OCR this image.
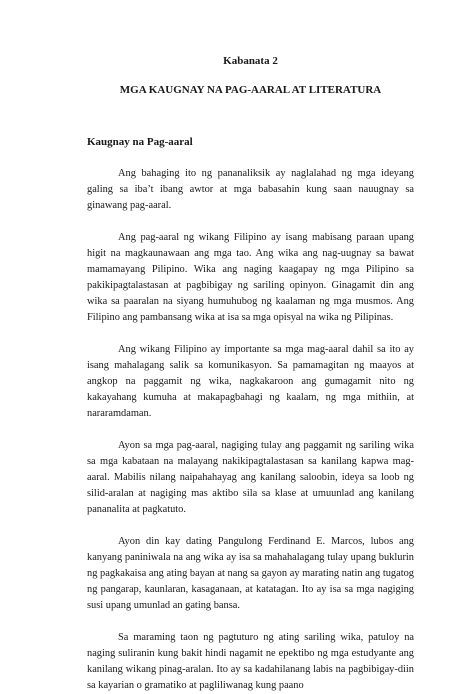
Kabanata 2
MGA KAUGNAY NA PAG-AARAL AT LITERATURA
Kaugnay na Pag-aaral

Ang bahaging ito ng pananaliksik ay naglalahad ng mga ideyang galing sa iba’t ibang awtor at mga babasahin kung saan nauugnay sa ginawang pag-aaral.

Ang pag-aaral ng wikang Filipino ay isang mabisang paraan upang higit na magkaunawaan ang mga tao. Ang wika ang nag-uugnay sa bawat mamamayang Pilipino. Wika ang naging kaagapay ng mga Pilipino sa pakikipagtalastasan at pagbibigay ng sariling opinyon. Ginagamit din ang wika sa paaralan na siyang humuhubog ng kaalaman ng mga musmos. Ang Filipino ang pambansang wika at isa sa mga opisyal na wika ng Pilipinas.

Ang wikang Filipino ay importante sa mga mag-aaral dahil sa ito ay isang mahalagang salik sa komunikasyon. Sa pamamagitan ng maayos at angkop na paggamit ng wika, nagkakaroon ang gumagamit nito ng kakayahang kumuha at makapagbahagi ng kaalam, ng mga mithiin, at nararamdaman.

Ayon sa mga pag-aaral, nagiging tulay ang paggamit ng sariling wika sa mga kabataan na malayang nakikipagtalastasan sa kanilang kapwa mag-aaral. Mabilis nilang naipahahayag ang kanilang saloobin, ideya sa loob ng silid-aralan at nagiging mas aktibo sila sa klase at umuunlad ang kanilang pananalita at pagkatuto.

Ayon din kay dating Pangulong Ferdinand E. Marcos, lubos ang kanyang paniniwala na ang wika ay isa sa mahahalagang tulay upang buklurin ng pagkakaisa ang ating bayan at nang sa gayon ay marating natin ang tugatog ng pangarap, kaunlaran, kasaganaan, at katatagan. Ito ay isa sa mga nagiging susi upang umunlad an gating bansa.

Sa maraming taon ng pagtuturo ng ating sariling wika, patuloy na naging suliranin kung bakit hindi nagamit ne epektibo ng mga estudyante ang kanilang wikang pinag-aralan. Ito ay sa kadahilanang labis na pagbibigay-diin sa kayarian o gramatiko at pagliliwanag kung paano
